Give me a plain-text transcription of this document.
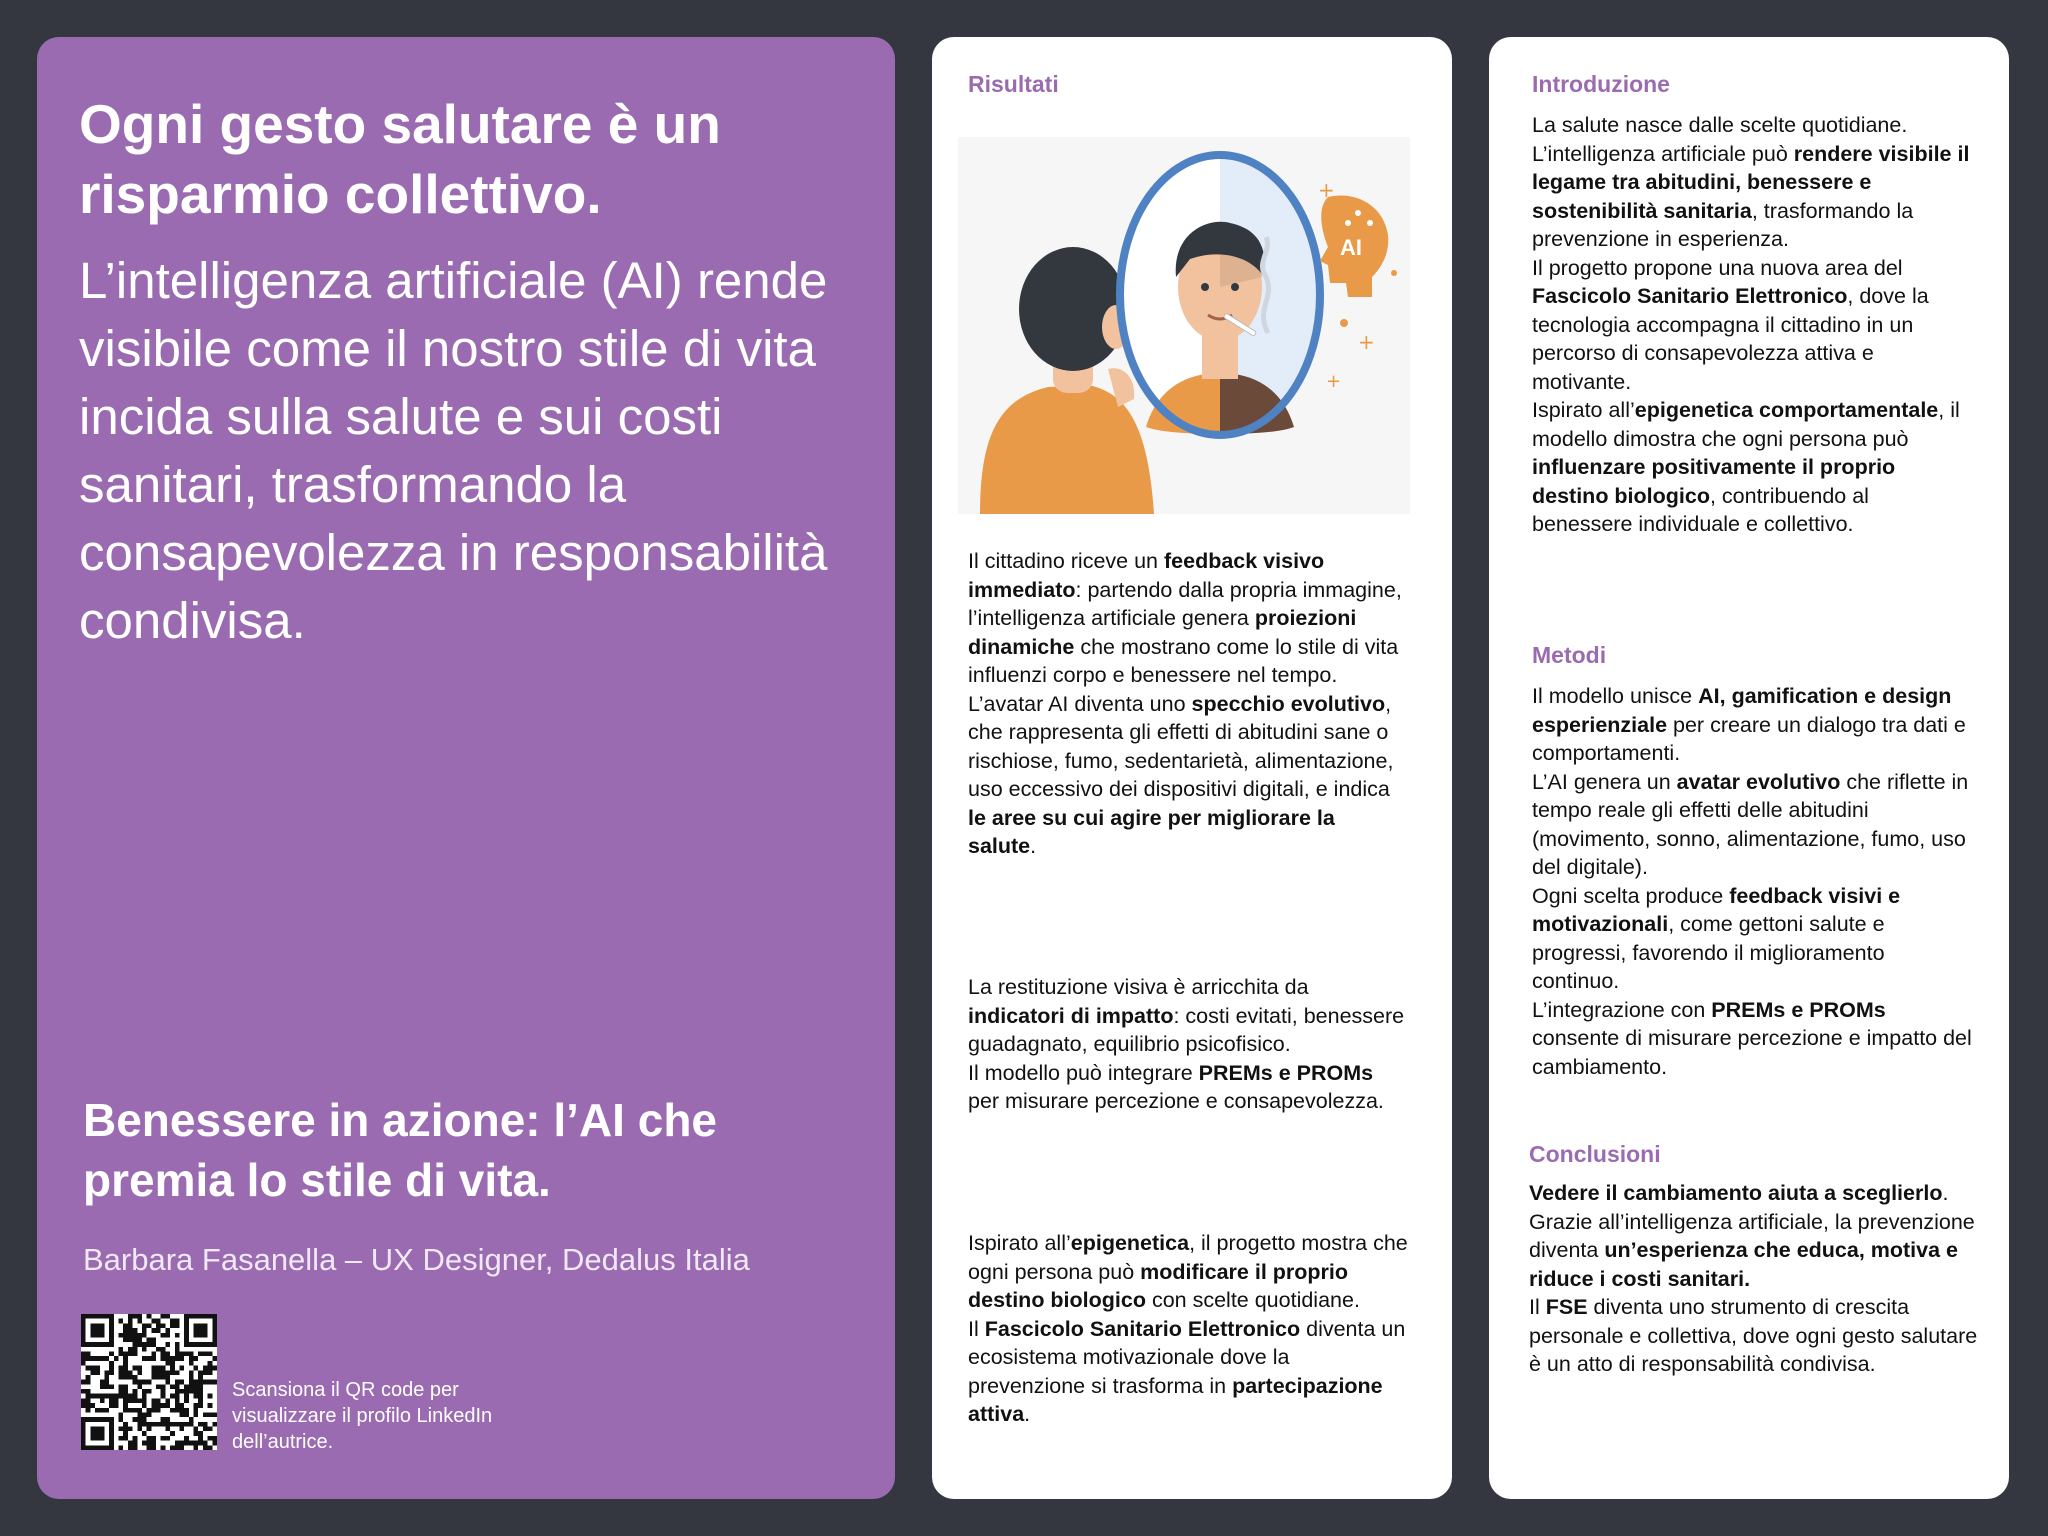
Ogni gesto salutare è un risparmio collettivo.

L’intelligenza artificiale (AI) rende visibile come il nostro stile di vita incida sulla salute e sui costi sanitari, trasformando la consapevolezza in responsabilità condivisa.

Benessere in azione: l’AI che premia lo stile di vita.

Barbara Fasanella – UX Designer, Dedalus Italia

Scansiona il QR code per visualizzare il profilo LinkedIn dell’autrice.

Risultati
AI
+
+
+

Il cittadino riceve un feedback visivo immediato: partendo dalla propria immagine, l’intelligenza artificiale genera proiezioni dinamiche che mostrano come lo stile di vita influenzi corpo e benessere nel tempo.
L’avatar AI diventa uno specchio evolutivo, che rappresenta gli effetti di abitudini sane o rischiose, fumo, sedentarietà, alimentazione, uso eccessivo dei dispositivi digitali, e indica le aree su cui agire per migliorare la salute.

La restituzione visiva è arricchita da indicatori di impatto: costi evitati, benessere guadagnato, equilibrio psicofisico.
Il modello può integrare PREMs e PROMs per misurare percezione e consapevolezza.

Ispirato all’epigenetica, il progetto mostra che ogni persona può modificare il proprio destino biologico con scelte quotidiane.
Il Fascicolo Sanitario Elettronico diventa un ecosistema motivazionale dove la prevenzione si trasforma in partecipazione attiva.

Introduzione

La salute nasce dalle scelte quotidiane.
L’intelligenza artificiale può rendere visibile il legame tra abitudini, benessere e sostenibilità sanitaria, trasformando la prevenzione in esperienza.
Il progetto propone una nuova area del Fascicolo Sanitario Elettronico, dove la tecnologia accompagna il cittadino in un percorso di consapevolezza attiva e motivante.
Ispirato all’epigenetica comportamentale, il modello dimostra che ogni persona può influenzare positivamente il proprio destino biologico, contribuendo al benessere individuale e collettivo.

Metodi

Il modello unisce AI, gamification e design esperienziale per creare un dialogo tra dati e comportamenti.
L’AI genera un avatar evolutivo che riflette in tempo reale gli effetti delle abitudini (movimento, sonno, alimentazione, fumo, uso del digitale).
Ogni scelta produce feedback visivi e motivazionali, come gettoni salute e progressi, favorendo il miglioramento continuo.
L’integrazione con PREMs e PROMs consente di misurare percezione e impatto del cambiamento.

Conclusioni

Vedere il cambiamento aiuta a sceglierlo.
Grazie all’intelligenza artificiale, la prevenzione diventa un’esperienza che educa, motiva e riduce i costi sanitari.
Il FSE diventa uno strumento di crescita personale e collettiva, dove ogni gesto salutare è un atto di responsabilità condivisa.
